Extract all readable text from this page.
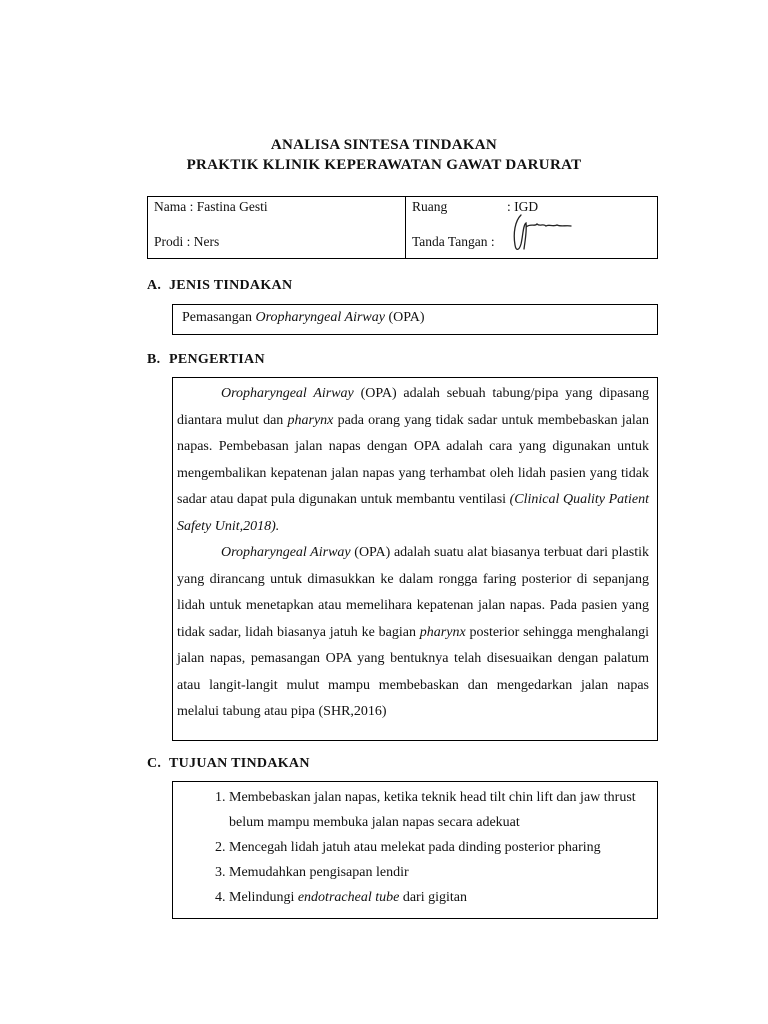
ANALISA SINTESA TINDAKAN
PRAKTIK KLINIK KEPERAWATAN GAWAT DARURAT
Nama : Fastina Gesti
Prodi : Ners
Ruang	: IGD
Tanda Tangan :
A. JENIS TINDAKAN
Pemasangan Oropharyngeal Airway (OPA)
B. PENGERTIAN

Oropharyngeal Airway (OPA) adalah sebuah tabung/pipa yang dipasang diantara mulut dan pharynx pada orang yang tidak sadar untuk membebaskan jalan napas. Pembebasan jalan napas dengan OPA adalah cara yang digunakan untuk mengembalikan kepatenan jalan napas yang terhambat oleh lidah pasien yang tidak sadar atau dapat pula digunakan untuk membantu ventilasi (Clinical Quality Patient Safety Unit,2018).

Oropharyngeal Airway (OPA) adalah suatu alat biasanya terbuat dari plastik yang dirancang untuk dimasukkan ke dalam rongga faring posterior di sepanjang lidah untuk menetapkan atau memelihara kepatenan jalan napas. Pada pasien yang tidak sadar, lidah biasanya jatuh ke bagian pharynx posterior sehingga menghalangi jalan napas, pemasangan OPA yang bentuknya telah disesuaikan dengan palatum atau langit-langit mulut mampu membebaskan dan mengedarkan jalan napas melalui tabung atau pipa (SHR,2016)

C. TUJUAN TINDAKAN
1. Membebaskan jalan napas, ketika teknik head tilt chin lift dan jaw thrust belum mampu membuka jalan napas secara adekuat
2. Mencegah lidah jatuh atau melekat pada dinding posterior pharing
3. Memudahkan pengisapan lendir
4. Melindungi endotracheal tube dari gigitan
